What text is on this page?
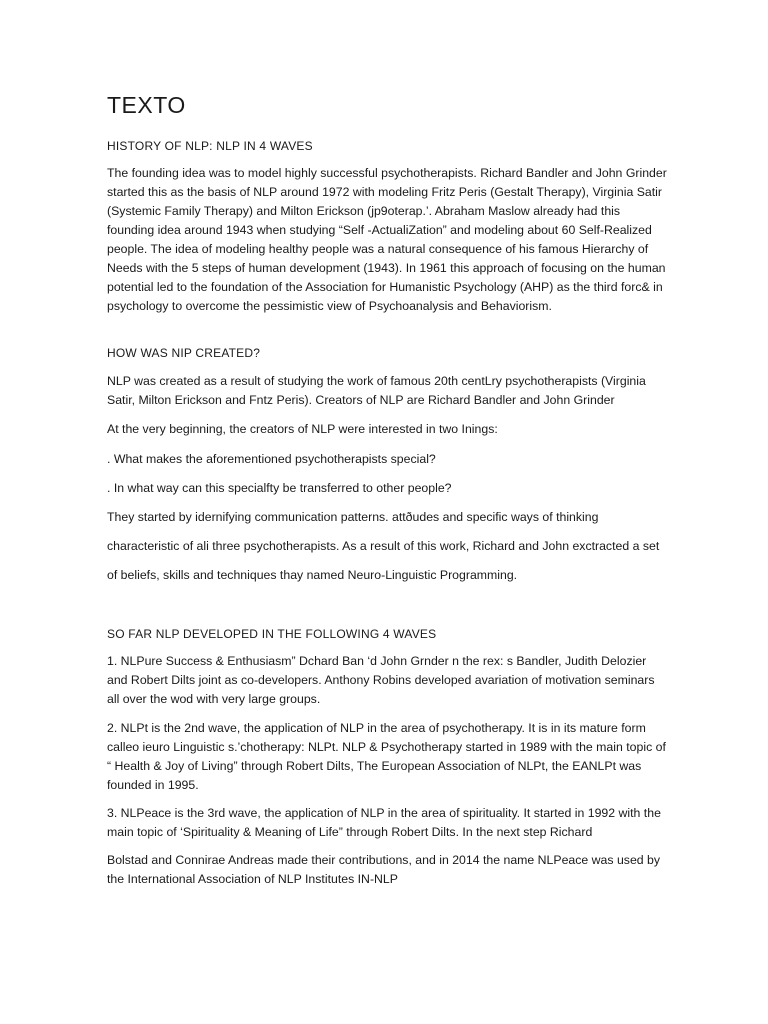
TEXTO

HISTORY OF NLP: NLP IN 4 WAVES

The founding idea was to model highly successful psychotherapists. Richard Bandler and John Grinder started this as the basis of NLP around 1972 with modeling Fritz Peris (Gestalt Therapy), Virginia Satir (Systemic Family Therapy) and Milton Erickson (jp9oterap.’. Abraham Maslow already had this founding idea around 1943 when studying “Self -ActualiZation” and modeling about 60 Self-Realized people. The idea of modeling healthy people was a natural consequence of his famous Hierarchy of Needs with the 5 steps of human development (1943). In 1961 this approach of focusing on the human potential led to the foundation of the Association for Humanistic Psychology (AHP) as the third forc& in psychology to overcome the pessimistic view of Psychoanalysis and Behaviorism.

HOW WAS NIP CREATED?

NLP was created as a result of studying the work of famous 20th centLry psychotherapists (Virginia Satir, Milton Erickson and Fntz Peris). Creators of NLP are Richard Bandler and John Grinder

At the very beginning, the creators of NLP were interested in two Inings:

. What makes the aforementioned psychotherapists special?

. In what way can this specialfty be transferred to other people?

They started by idernifying communication patterns. attðudes and specific ways of thinking characteristic of ali three psychotherapists. As a result of this work, Richard and John exctracted a set of beliefs, skills and techniques thay named Neuro-Linguistic Programming.

SO FAR NLP DEVELOPED IN THE FOLLOWING 4 WAVES

1. NLPure Success & Enthusiasm” Dchard Ban ‘d John Grnder n the rex: s Bandler, Judith Delozier and Robert Dilts joint as co-developers. Anthony Robins developed avariation of motivation seminars all over the wod with very large groups.

2. NLPt is the 2nd wave, the application of NLP in the area of psychotherapy. It is in its mature form calleo ieuro Linguistic s.’chotherapy: NLPt. NLP & Psychotherapy started in 1989 with the main topic of “ Health & Joy of Living” through Robert Dilts, The European Association of NLPt, the EANLPt was founded in 1995.

3. NLPeace is the 3rd wave, the application of NLP in the area of spirituality. It started in 1992 with the main topic of ‘Spirituality & Meaning of Life” through Robert Dilts. In the next step Richard

Bolstad and Connirae Andreas made their contributions, and in 2014 the name NLPeace was used by the International Association of NLP Institutes IN-NLP
